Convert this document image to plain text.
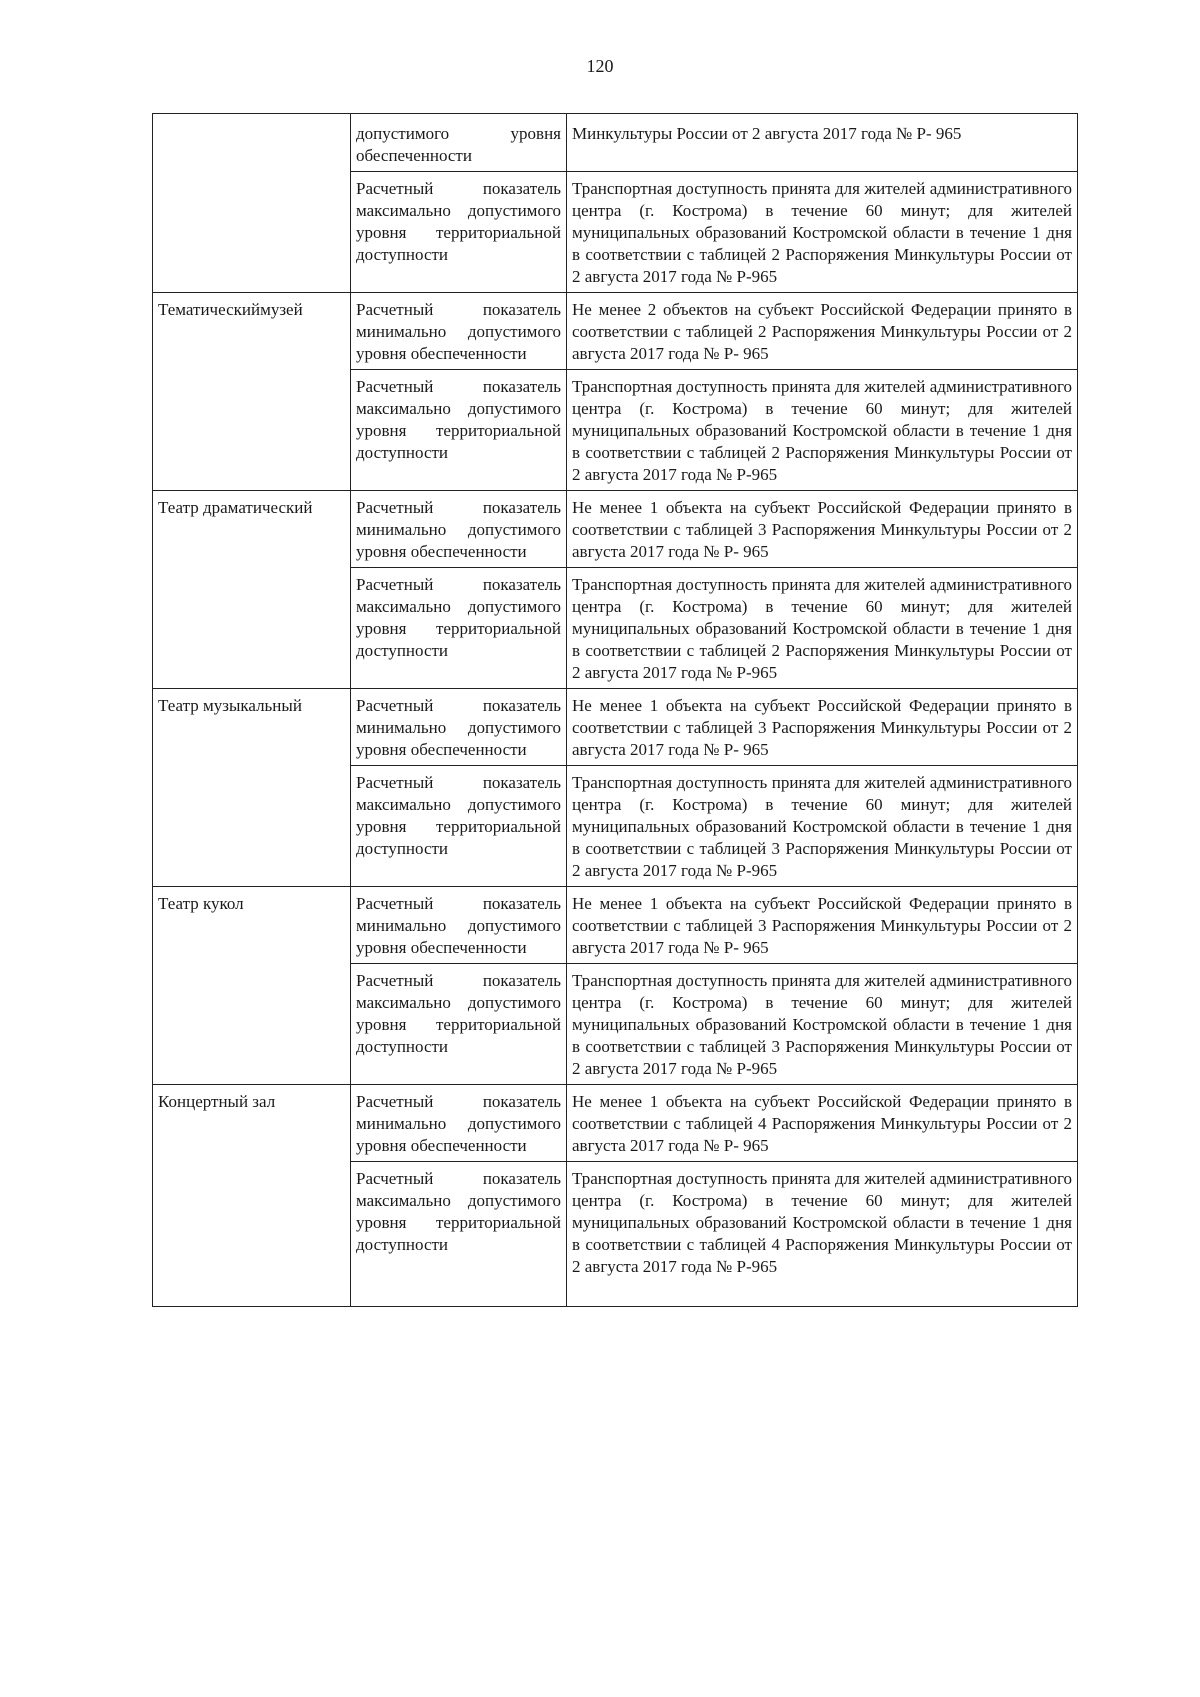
120
	допустимого уровня обеспеченности	Минкультуры России от 2 августа 2017 года № Р- 965
	Расчетный показатель максимально допустимого уровня территориальной доступности	Транспортная доступность принята для жителей административного центра (г. Кострома) в течение 60 минут; для жителей муниципальных образований Костромской области в течение 1 дня в соответствии с таблицей 2 Распоряжения Минкультуры России от 2 августа 2017 года № Р-965
Тематическиймузей	Расчетный показатель минимально допустимого уровня обеспеченности	Не менее 2 объектов на субъект Российской Федерации принято в соответствии с таблицей 2 Распоряжения Минкультуры России от 2 августа 2017 года № Р- 965
	Расчетный показатель максимально допустимого уровня территориальной доступности	Транспортная доступность принята для жителей административного центра (г. Кострома) в течение 60 минут; для жителей муниципальных образований Костромской области в течение 1 дня в соответствии с таблицей 2 Распоряжения Минкультуры России от 2 августа 2017 года № Р-965
Театр драматический	Расчетный показатель минимально допустимого уровня обеспеченности	Не менее 1 объекта на субъект Российской Федерации принято в соответствии с таблицей 3 Распоряжения Минкультуры России от 2 августа 2017 года № Р- 965
	Расчетный показатель максимально допустимого уровня территориальной доступности	Транспортная доступность принята для жителей административного центра (г. Кострома) в течение 60 минут; для жителей муниципальных образований Костромской области в течение 1 дня в соответствии с таблицей 2 Распоряжения Минкультуры России от 2 августа 2017 года № Р-965
Театр музыкальный	Расчетный показатель минимально допустимого уровня обеспеченности	Не менее 1 объекта на субъект Российской Федерации принято в соответствии с таблицей 3 Распоряжения Минкультуры России от 2 августа 2017 года № Р- 965
	Расчетный показатель максимально допустимого уровня территориальной доступности	Транспортная доступность принята для жителей административного центра (г. Кострома) в течение 60 минут; для жителей муниципальных образований Костромской области в течение 1 дня в соответствии с таблицей 3 Распоряжения Минкультуры России от 2 августа 2017 года № Р-965
Театр кукол	Расчетный показатель минимально допустимого уровня обеспеченности	Не менее 1 объекта на субъект Российской Федерации принято в соответствии с таблицей 3 Распоряжения Минкультуры России от 2 августа 2017 года № Р- 965
	Расчетный показатель максимально допустимого уровня территориальной доступности	Транспортная доступность принята для жителей административного центра (г. Кострома) в течение 60 минут; для жителей муниципальных образований Костромской области в течение 1 дня в соответствии с таблицей 3 Распоряжения Минкультуры России от 2 августа 2017 года № Р-965
Концертный зал	Расчетный показатель минимально допустимого уровня обеспеченности	Не менее 1 объекта на субъект Российской Федерации принято в соответствии с таблицей 4 Распоряжения Минкультуры России от 2 августа 2017 года № Р- 965
	Расчетный показатель максимально допустимого уровня территориальной доступности	Транспортная доступность принята для жителей административного центра (г. Кострома) в течение 60 минут; для жителей муниципальных образований Костромской области в течение 1 дня в соответствии с таблицей 4 Распоряжения Минкультуры России от 2 августа 2017 года № Р-965
